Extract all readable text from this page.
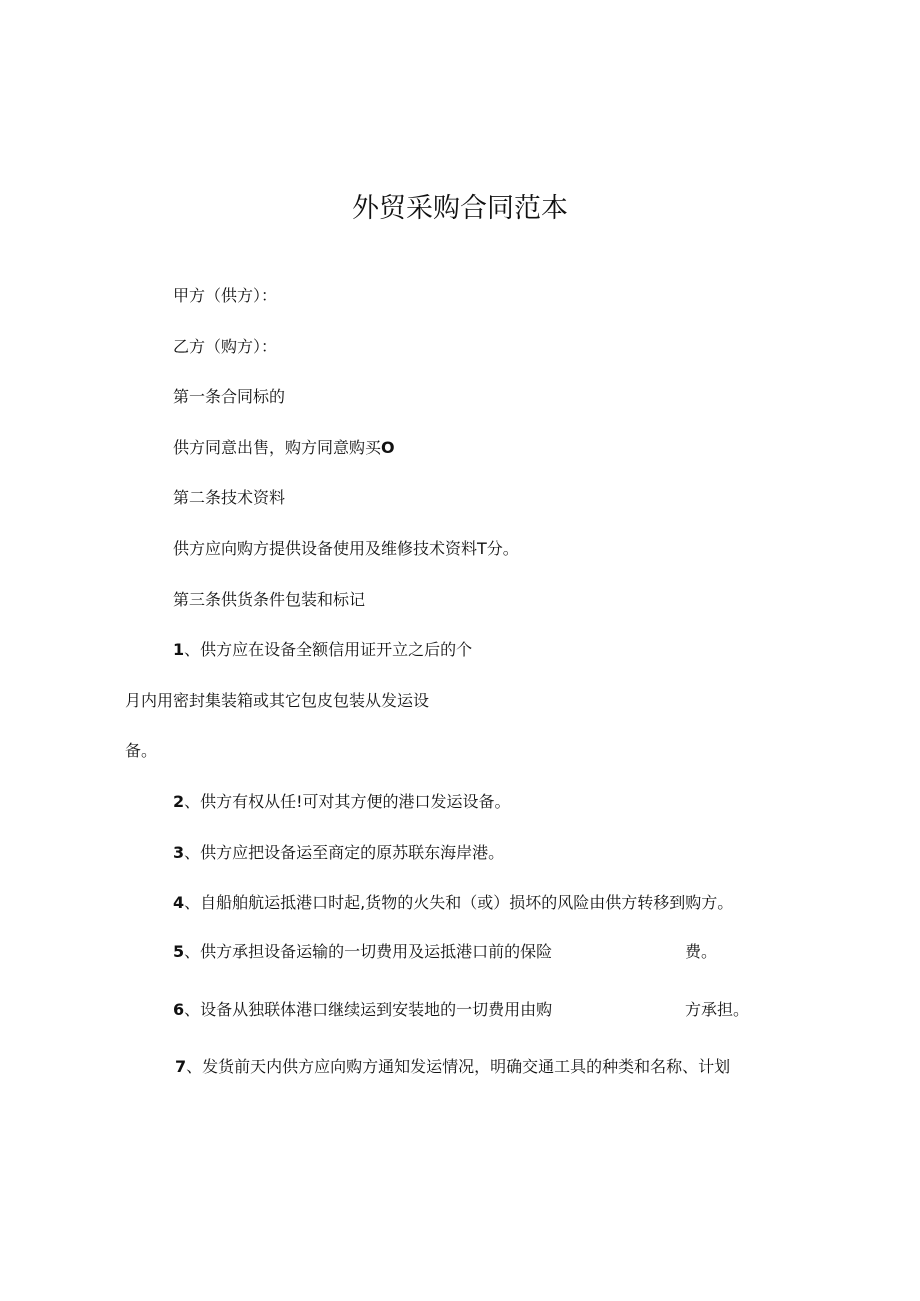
外贸采购合同范本
甲方（供方）：
乙方（购方）：
第一条合同标的
供方同意出售，购方同意购买O
第二条技术资料
供方应向购方提供设备使用及维修技术资料T分。
第三条供货条件包装和标记
1、供方应在设备全额信用证开立之后的个
月内用密封集装箱或其它包皮包装从发运设
备。
2、供方有权从任!可对其方便的港口发运设备。
3、供方应把设备运至商定的原苏联东海岸港。
4、自船舶航运抵港口时起,货物的火失和（或）损坏的风险由供方转移到购方。
5、供方承担设备运输的一切费用及运抵港口前的保险	费。
6、设备从独联体港口继续运到安装地的一切费用由购	方承担。
7、发货前天内供方应向购方通知发运情况，明确交通工具的种类和名称、计划
